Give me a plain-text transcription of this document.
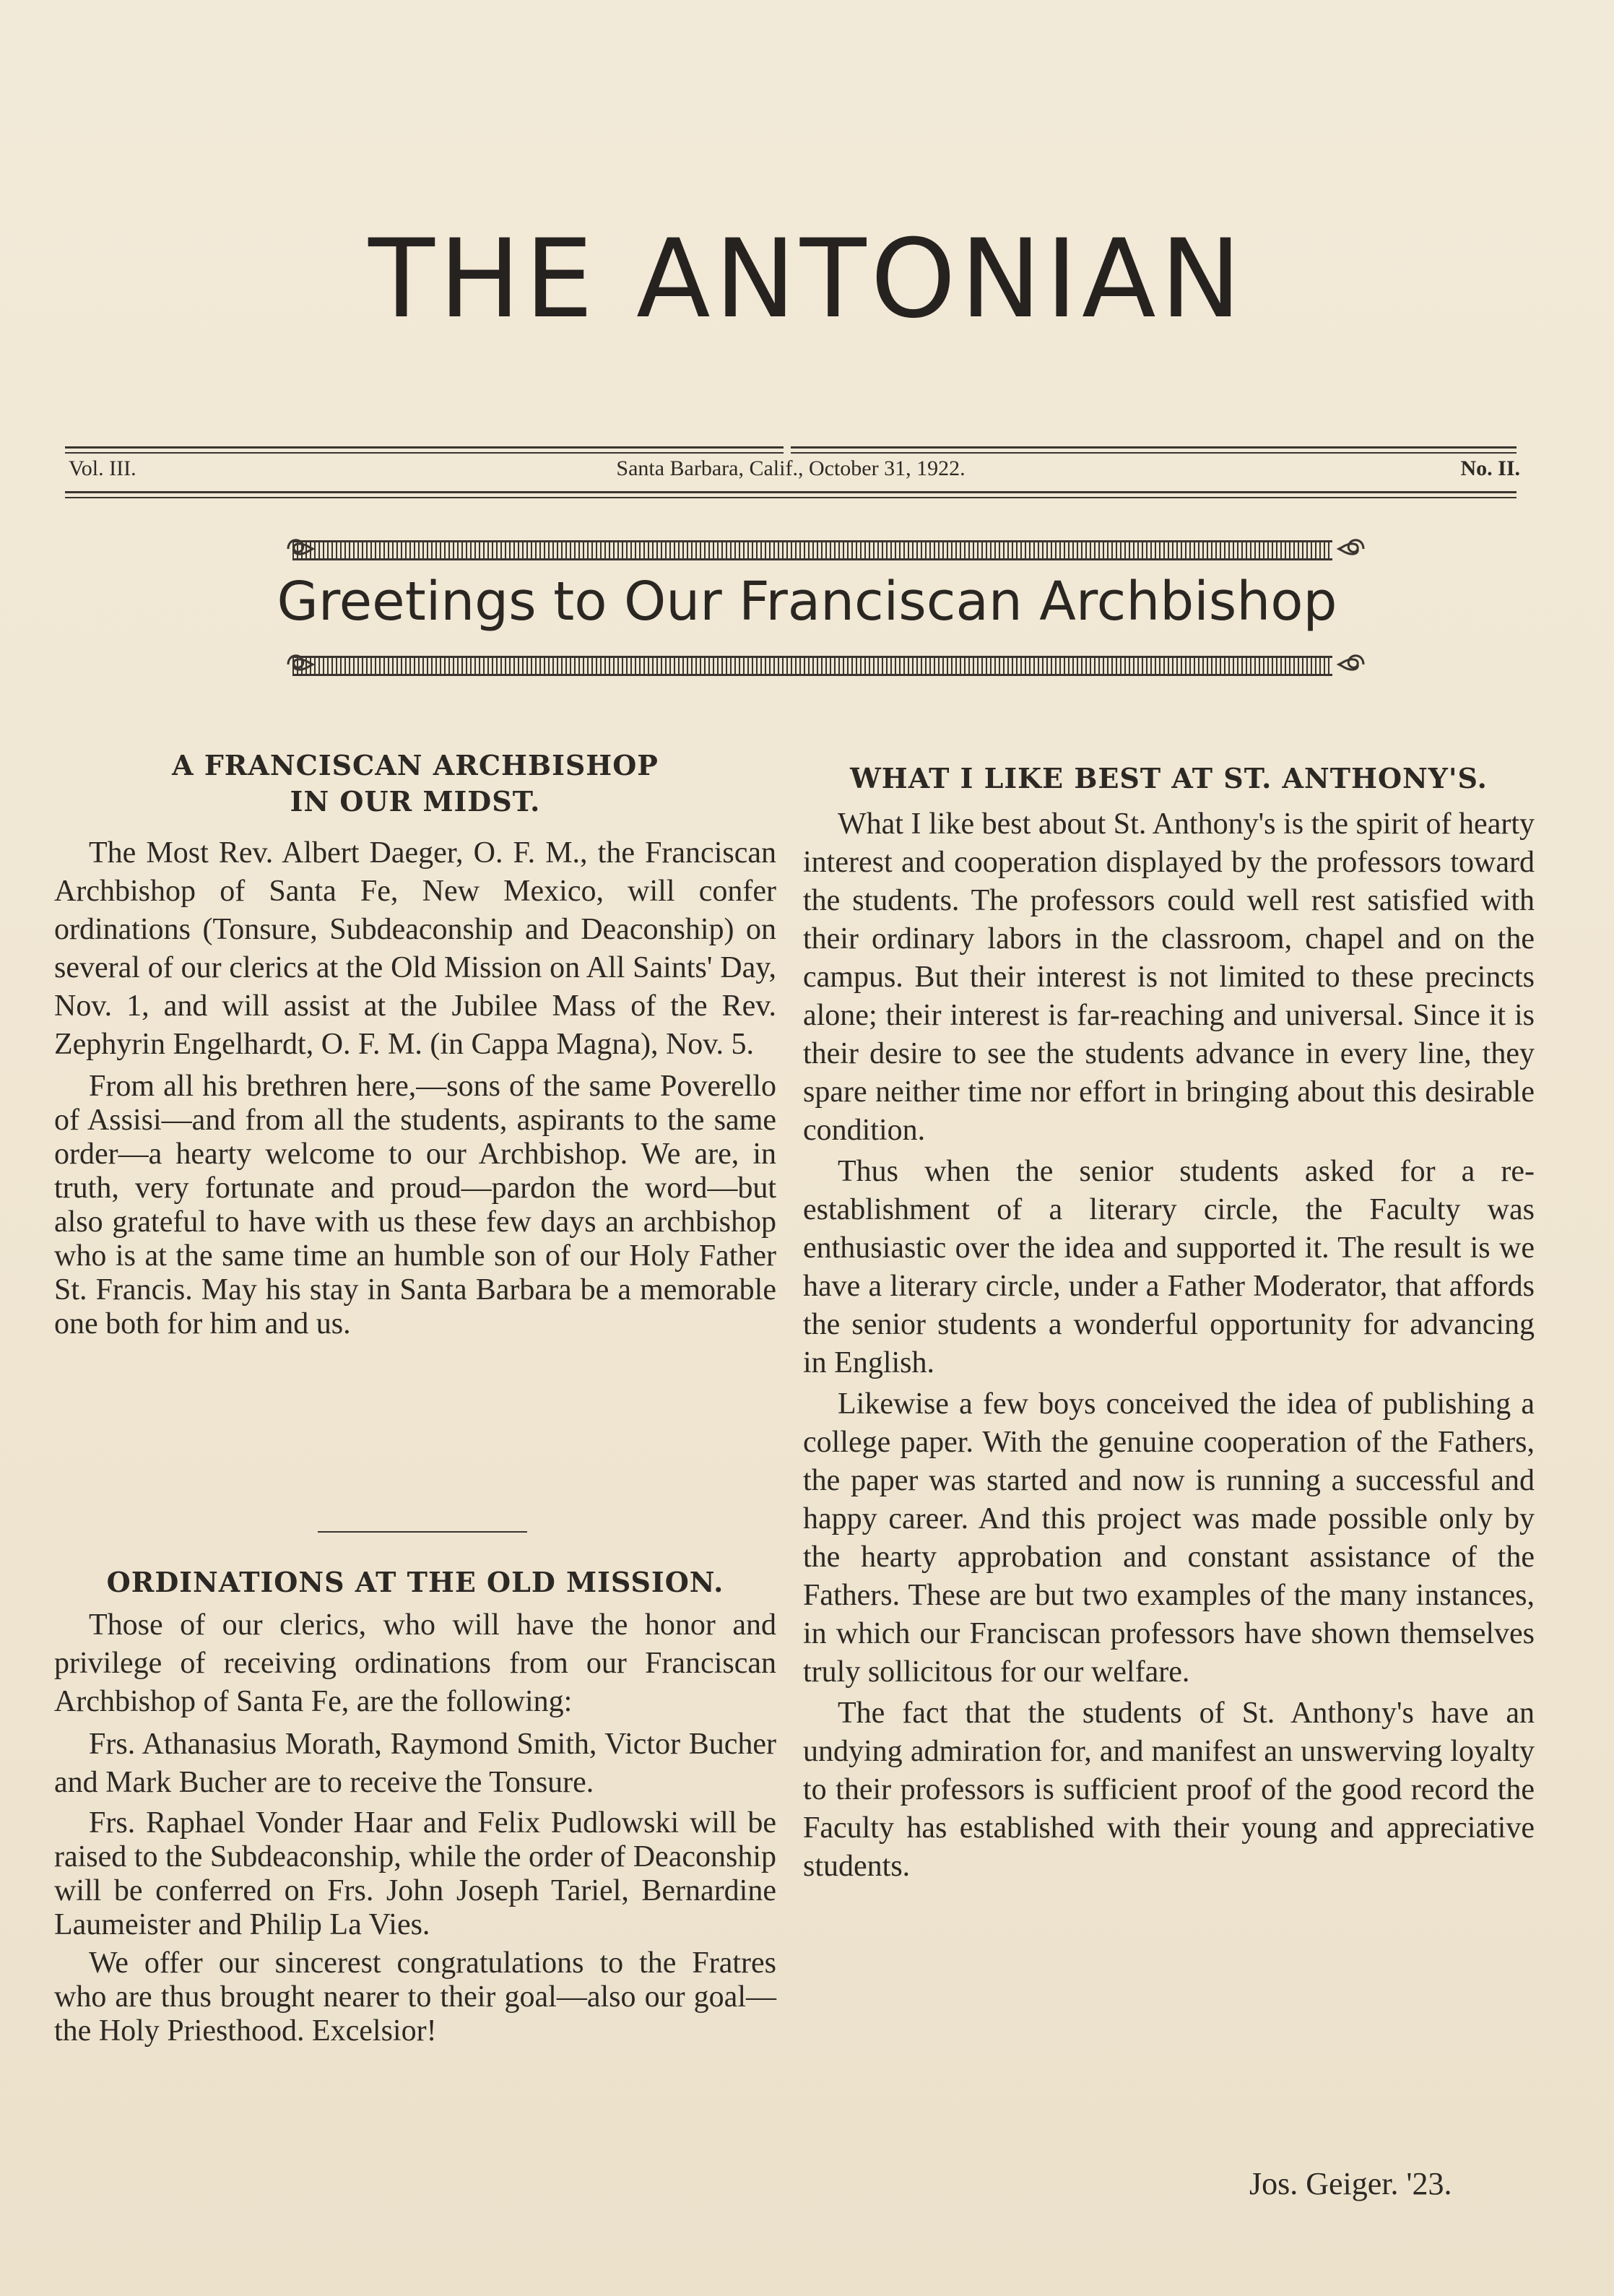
THE ANTONIAN
Vol. III.	Santa Barbara, Calif., October 31, 1922.	No. II.
Greetings to Our Franciscan Archbishop
A FRANCISCAN ARCHBISHOP
IN OUR MIDST.

The Most Rev. Albert Daeger, O. F. M., the Franciscan Archbishop of Santa Fe, New Mexico, will confer ordinations (Tonsure, Subdeaconship and Deaconship) on several of our clerics at the Old Mission on All Saints' Day, Nov. 1, and will assist at the Jubilee Mass of the Rev. Zephyrin Engelhardt, O. F. M. (in Cappa Magna), Nov. 5.

From all his brethren here,—sons of the same Poverello of Assisi—and from all the students, aspirants to the same order—a hearty welcome to our Archbishop. We are, in truth, very fortunate and proud—pardon the word—but also grateful to have with us these few days an archbishop who is at the same time an humble son of our Holy Father St. Francis. May his stay in Santa Barbara be a memorable one both for him and us.

ORDINATIONS AT THE OLD MISSION.

Those of our clerics, who will have the honor and privilege of receiving ordinations from our Franciscan Archbishop of Santa Fe, are the following:

Frs. Athanasius Morath, Raymond Smith, Victor Bucher and Mark Bucher are to receive the Tonsure.

Frs. Raphael Vonder Haar and Felix Pudlowski will be raised to the Subdeaconship, while the order of Deaconship will be conferred on Frs. John Joseph Tariel, Bernardine Laumeister and Philip La Vies.

We offer our sincerest congratulations to the Fratres who are thus brought nearer to their goal—also our goal—the Holy Priesthood. Excelsior!

WHAT I LIKE BEST AT ST. ANTHONY'S.

What I like best about St. Anthony's is the spirit of hearty interest and cooperation displayed by the professors toward the students. The professors could well rest satisfied with their ordinary labors in the classroom, chapel and on the campus. But their interest is not limited to these precincts alone; their interest is far-reaching and universal. Since it is their desire to see the students advance in every line, they spare neither time nor effort in bringing about this desirable condition.

Thus when the senior students asked for a re-establishment of a literary circle, the Faculty was enthusiastic over the idea and supported it. The result is we have a literary circle, under a Father Moderator, that affords the senior students a wonderful opportunity for advancing in English.

Likewise a few boys conceived the idea of publishing a college paper. With the genuine cooperation of the Fathers, the paper was started and now is running a successful and happy career. And this project was made possible only by the hearty approbation and constant assistance of the Fathers. These are but two examples of the many instances, in which our Franciscan professors have shown themselves truly sollicitous for our welfare.

The fact that the students of St. Anthony's have an undying admiration for, and manifest an unswerving loyalty to their professors is sufficient proof of the good record the Faculty has established with their young and appreciative students.

Jos. Geiger. '23.
